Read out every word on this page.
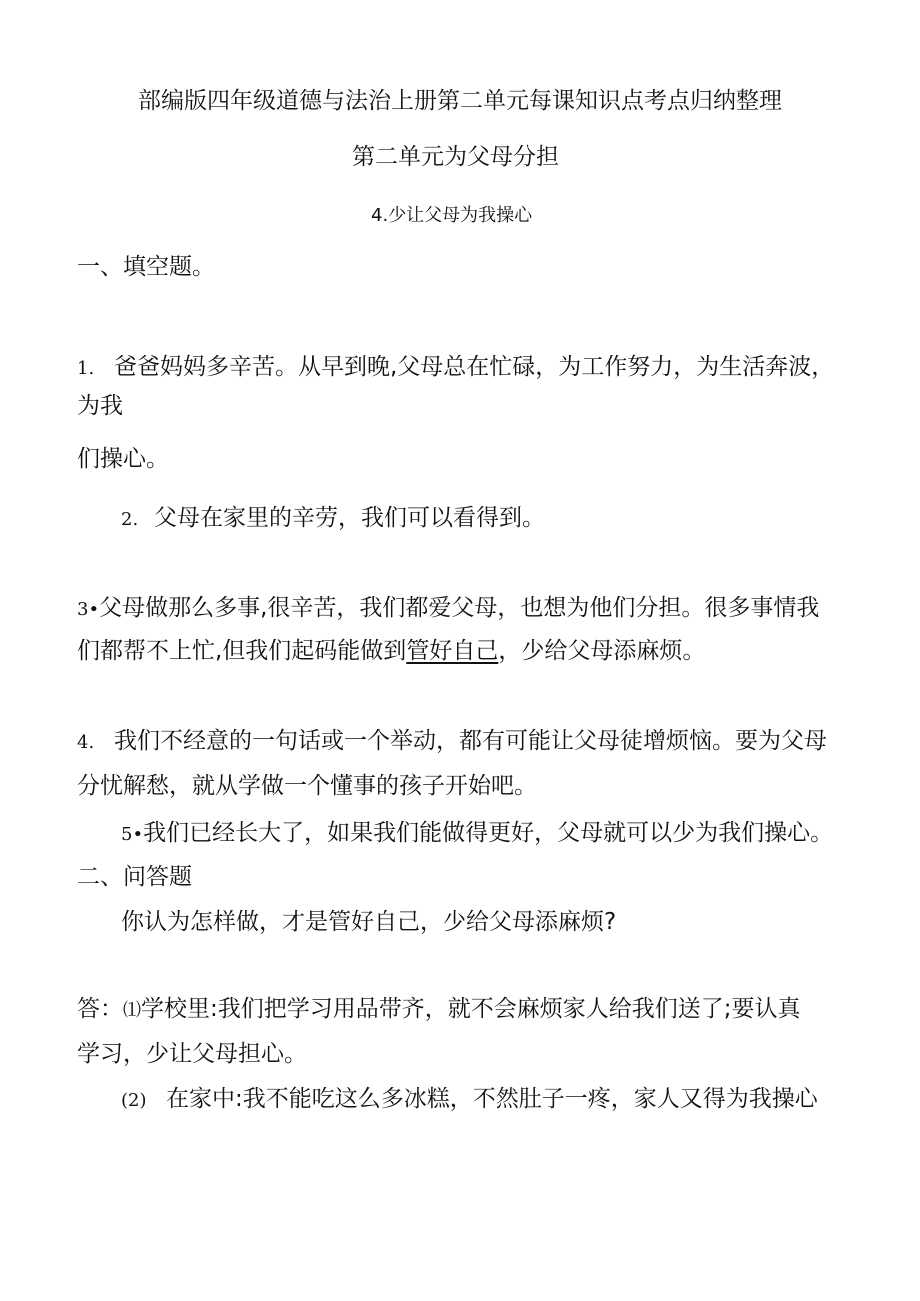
部编版四年级道德与法治上册第二单元每课知识点考点归纳整理
第二单元为父母分担
4.少让父母为我操心
一、填空题。
1. 爸爸妈妈多辛苦。从早到晚,父母总在忙碌，为工作努力，为生活奔波，
为我
们操心。
2. 父母在家里的辛劳，我们可以看得到。
3•父母做那么多事,很辛苦，我们都爱父母，也想为他们分担。很多事情我
们都帮不上忙,但我们起码能做到管好自己，少给父母添麻烦。
4. 我们不经意的一句话或一个举动，都有可能让父母徒增烦恼。要为父母
分忧解愁，就从学做一个懂事的孩子开始吧。
5•我们已经长大了，如果我们能做得更好，父母就可以少为我们操心。
二、问答题
你认为怎样做，才是管好自己，少给父母添麻烦?
答：⑴学校里:我们把学习用品带齐，就不会麻烦家人给我们送了;要认真
学习，少让父母担心。
(2) 在家中:我不能吃这么多冰糕，不然肚子一疼，家人又得为我操心
